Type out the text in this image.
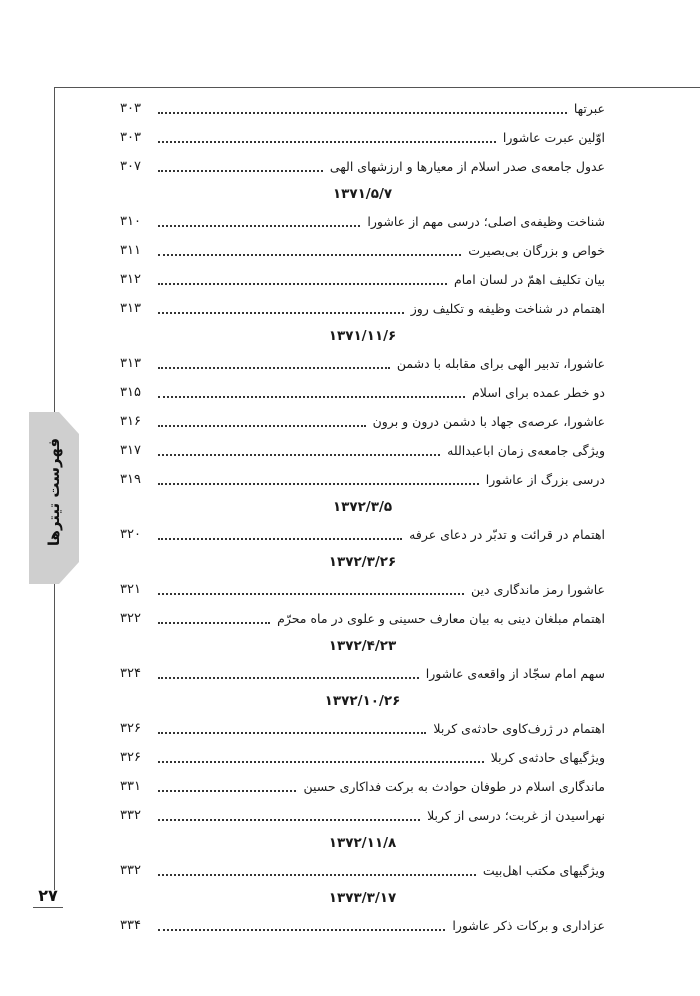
فهرست تیترها
۲۷
عبرتها
۳۰۳
اوّلین عبرت عاشورا
۳۰۳
عدول جامعه‌ی صدر اسلام از معیارها و ارزشهای الهی
۳۰۷
۱۳۷۱/۵/۷
شناخت وظیفه‌ی اصلی؛ درسی مهم از عاشورا
۳۱۰
خواص و بزرگان بی‌بصیرت
۳۱۱
بیان تکلیف اهمّ در لسان امام
۳۱۲
اهتمام در شناخت وظیفه و تکلیف روز
۳۱۳
۱۳۷۱/۱۱/۶
عاشورا، تدبیر الهی برای مقابله با دشمن
۳۱۳
دو خطر عمده برای اسلام
۳۱۵
عاشورا، عرصه‌ی جهاد با دشمن درون و برون
۳۱۶
ویژگی جامعه‌ی زمان اباعبدالله
۳۱۷
درسی بزرگ از عاشورا
۳۱۹
۱۳۷۲/۳/۵
اهتمام در قرائت و تدبّر در دعای عرفه
۳۲۰
۱۳۷۲/۳/۲۶
عاشورا رمز ماندگاری دین
۳۲۱
اهتمام مبلغان دینی به بیان معارف حسینی و علوی در ماه محرّم
۳۲۲
۱۳۷۲/۴/۲۳
سهم امام سجّاد از واقعه‌ی عاشورا
۳۲۴
۱۳۷۲/۱۰/۲۶
اهتمام در ژرف‌کاوی حادثه‌ی کربلا
۳۲۶
ویژگیهای حادثه‌ی کربلا
۳۲۶
ماندگاری اسلام در طوفان حوادث به برکت فداکاری حسین
۳۳۱
نهراسیدن از غربت؛ درسی از کربلا
۳۳۲
۱۳۷۲/۱۱/۸
ویژگیهای مکتب اهل‌بیت
۳۳۲
۱۳۷۳/۳/۱۷
عزاداری و برکات ذکر عاشورا
۳۳۴
